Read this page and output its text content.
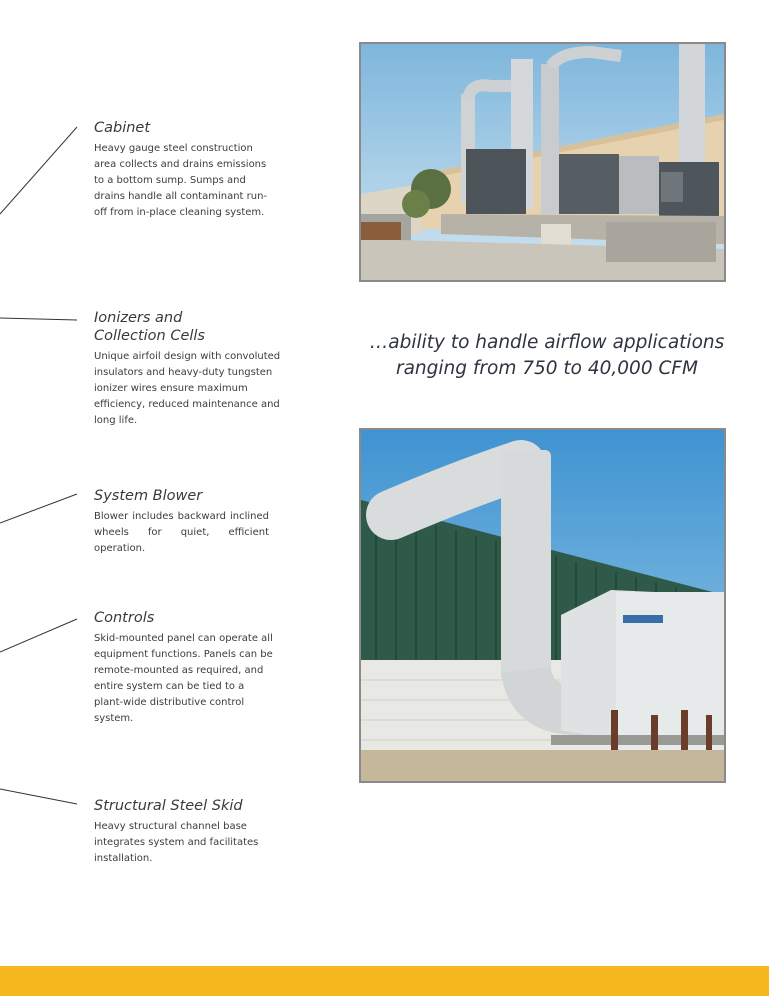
Cabinet

Heavy gauge steel construction area collects and drains emissions to a bottom sump. Sumps and drains handle all contaminant run-off from in-place cleaning system.

Ionizers and Collection Cells

Unique airfoil design with convoluted insulators and heavy-duty tungsten ionizer wires ensure maximum efficiency, reduced maintenance and long life.

System Blower

Blower includes backward inclined wheels for quiet, efficient operation.

Controls

Skid-mounted panel can operate all equipment functions. Panels can be remote-mounted as required, and entire system can be tied to a plant-wide distributive control system.

Structural Steel Skid

Heavy structural channel base integrates system and facilitates installation.

…ability to handle airflow applications
ranging from 750 to 40,000 CFM
